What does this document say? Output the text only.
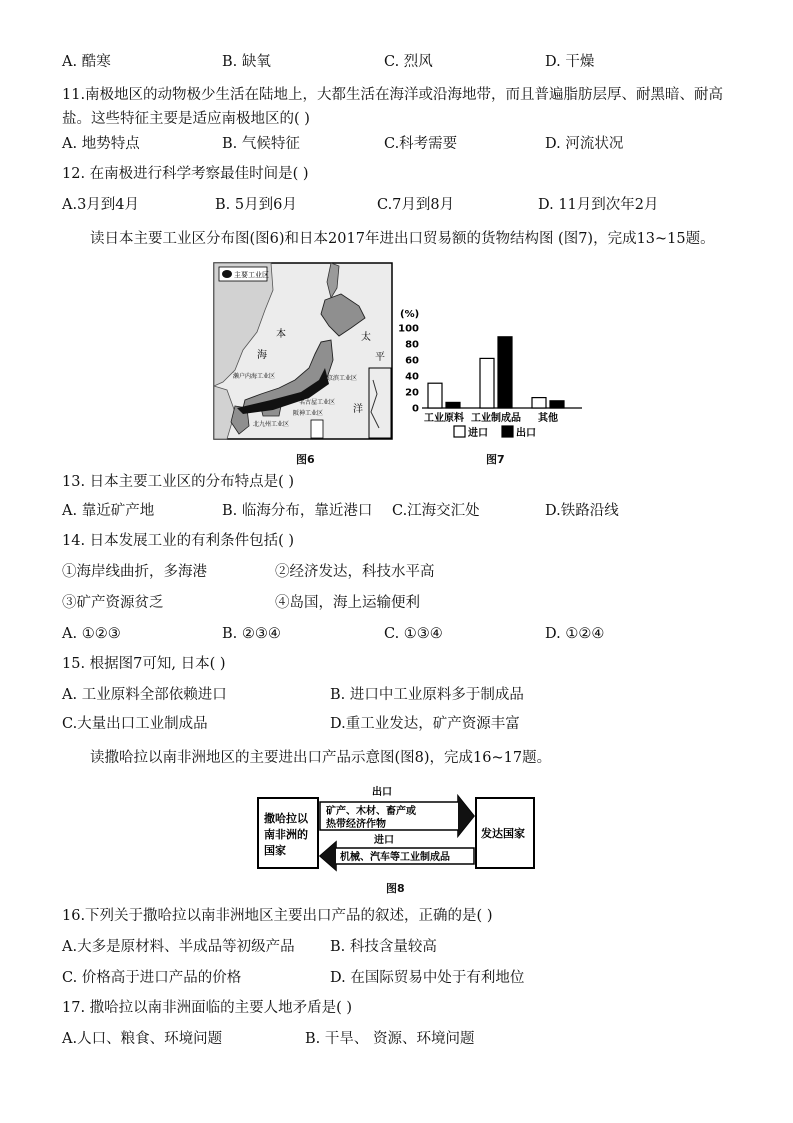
A. 酷寒	B. 缺氧	C. 烈风	D. 干燥
11.南极地区的动物极少生活在陆地上，大都生活在海洋或沿海地带，而且普遍脂肪层厚、耐黑暗、耐高
盐。这些特征主要是适应南极地区的( )
A. 地势特点	B. 气候特征	C.科考需要	D. 河流状况
12. 在南极进行科学考察最佳时间是( )
A.3月到4月	B. 5月到6月	C.7月到8月	D. 11月到次年2月
读日本主要工业区分布图(图6)和日本2017年进出口贸易额的货物结构图 (图7)，完成13~15题。
主要工业区
本
海
太
平
洋
京滨工业区
名古屋工业区
濑户内海工业区
阪神工业区
北九州工业区
图6
(%)
0
20
40
60
80
100
工业原料 工业制成品 其他
进口	出口
图7
13. 日本主要工业区的分布特点是( )
A. 靠近矿产地	B. 临海分布，靠近港口 C.江海交汇处	D.铁路沿线
14. 日本发展工业的有利条件包括( )
①海岸线曲折，多海港	②经济发达，科技水平高
③矿产资源贫乏	④岛国，海上运输便利
A. ①②③	B. ②③④	C. ①③④	D. ①②④
15. 根据图7可知, 日本( )
A. 工业原料全部依赖进口	B. 进口中工业原料多于制成品
C.大量出口工业制成品	D.重工业发达，矿产资源丰富
读撒哈拉以南非洲地区的主要进出口产品示意图(图8)，完成16~17题。
撒哈拉以
南非洲的
国家
发达国家
出口
矿产、木材、畜产或
热带经济作物
进口
机械、汽车等工业制成品
图8
16.下列关于撒哈拉以南非洲地区主要出口产品的叙述，正确的是( )
A.大多是原材料、半成品等初级产品 B. 科技含量较高
C. 价格高于进口产品的价格	D. 在国际贸易中处于有利地位
17. 撒哈拉以南非洲面临的主要人地矛盾是( )
A.人口、粮食、环境问题	B. 干旱、 资源、环境问题
